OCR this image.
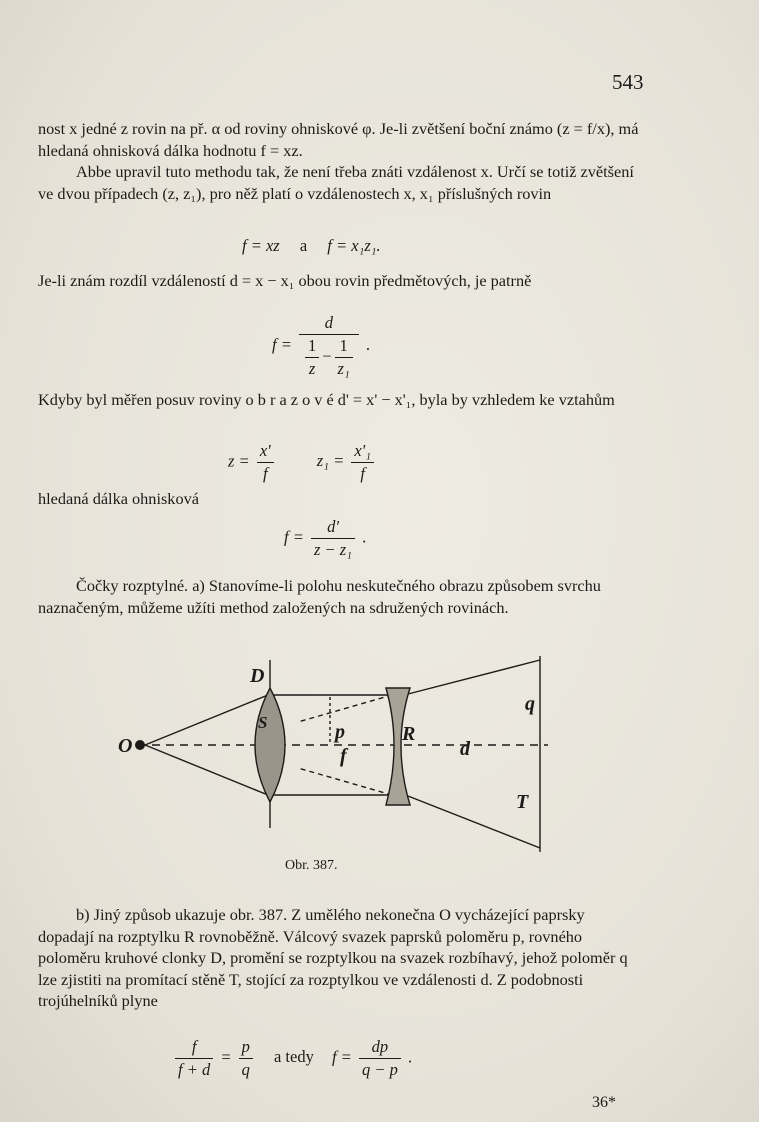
543

nost x jedné z rovin na př. α od roviny ohniskové φ. Je-li zvětšení boční známo (z = f/x), má hledaná ohnisková dálka hodnotu f = xz.

Abbe upravil tuto methodu tak, že není třeba znáti vzdálenost x. Určí se totiž zvětšení ve dvou případech (z, z₁), pro něž platí o vzdálenostech x, x₁ příslušných rovin

f = xz a f = x₁z₁.

Je-li znám rozdíl vzdáleností d = x − x₁ obou rovin předmětových, je patrně

$f = \frac{d}{\frac{1}{z} - \frac{1}{\text{z₁}}}$ .

Kdyby byl měřen posuv roviny o b r a z o v é d' = x' − x'₁, byla by vzhledem ke vztahům

$z = \frac{x'}{f}$	$z_1 = \frac{\text{x'₁}}{f}$

hledaná dálka ohnisková

$f = \frac{d'}{\text{z − z₁}}$ .

Čočky rozptylné. a) Stanovíme-li polohu neskutečného obrazu způsobem svrchu naznačeným, můžeme užíti method založených na sdružených rovinách.

O
D
S	p
f
R
d
q
T
Obr. 387.

b) Jiný způsob ukazuje obr. 387. Z umělého nekonečna O vycházející paprsky dopadají na rozptylku R rovnoběžně. Válcový svazek paprsků poloměru p, rovného poloměru kruhové clonky D, promění se rozptylkou na svazek rozbíhavý, jehož poloměr q lze zjistiti na promítací stěně T, stojící za rozptylkou ve vzdálenosti d. Z podobnosti trojúhelníků plyne

$\frac{f}{f + d} = \frac{p}{q}$ a tedy $f = \frac{dp}{q - p}$ .
36*
